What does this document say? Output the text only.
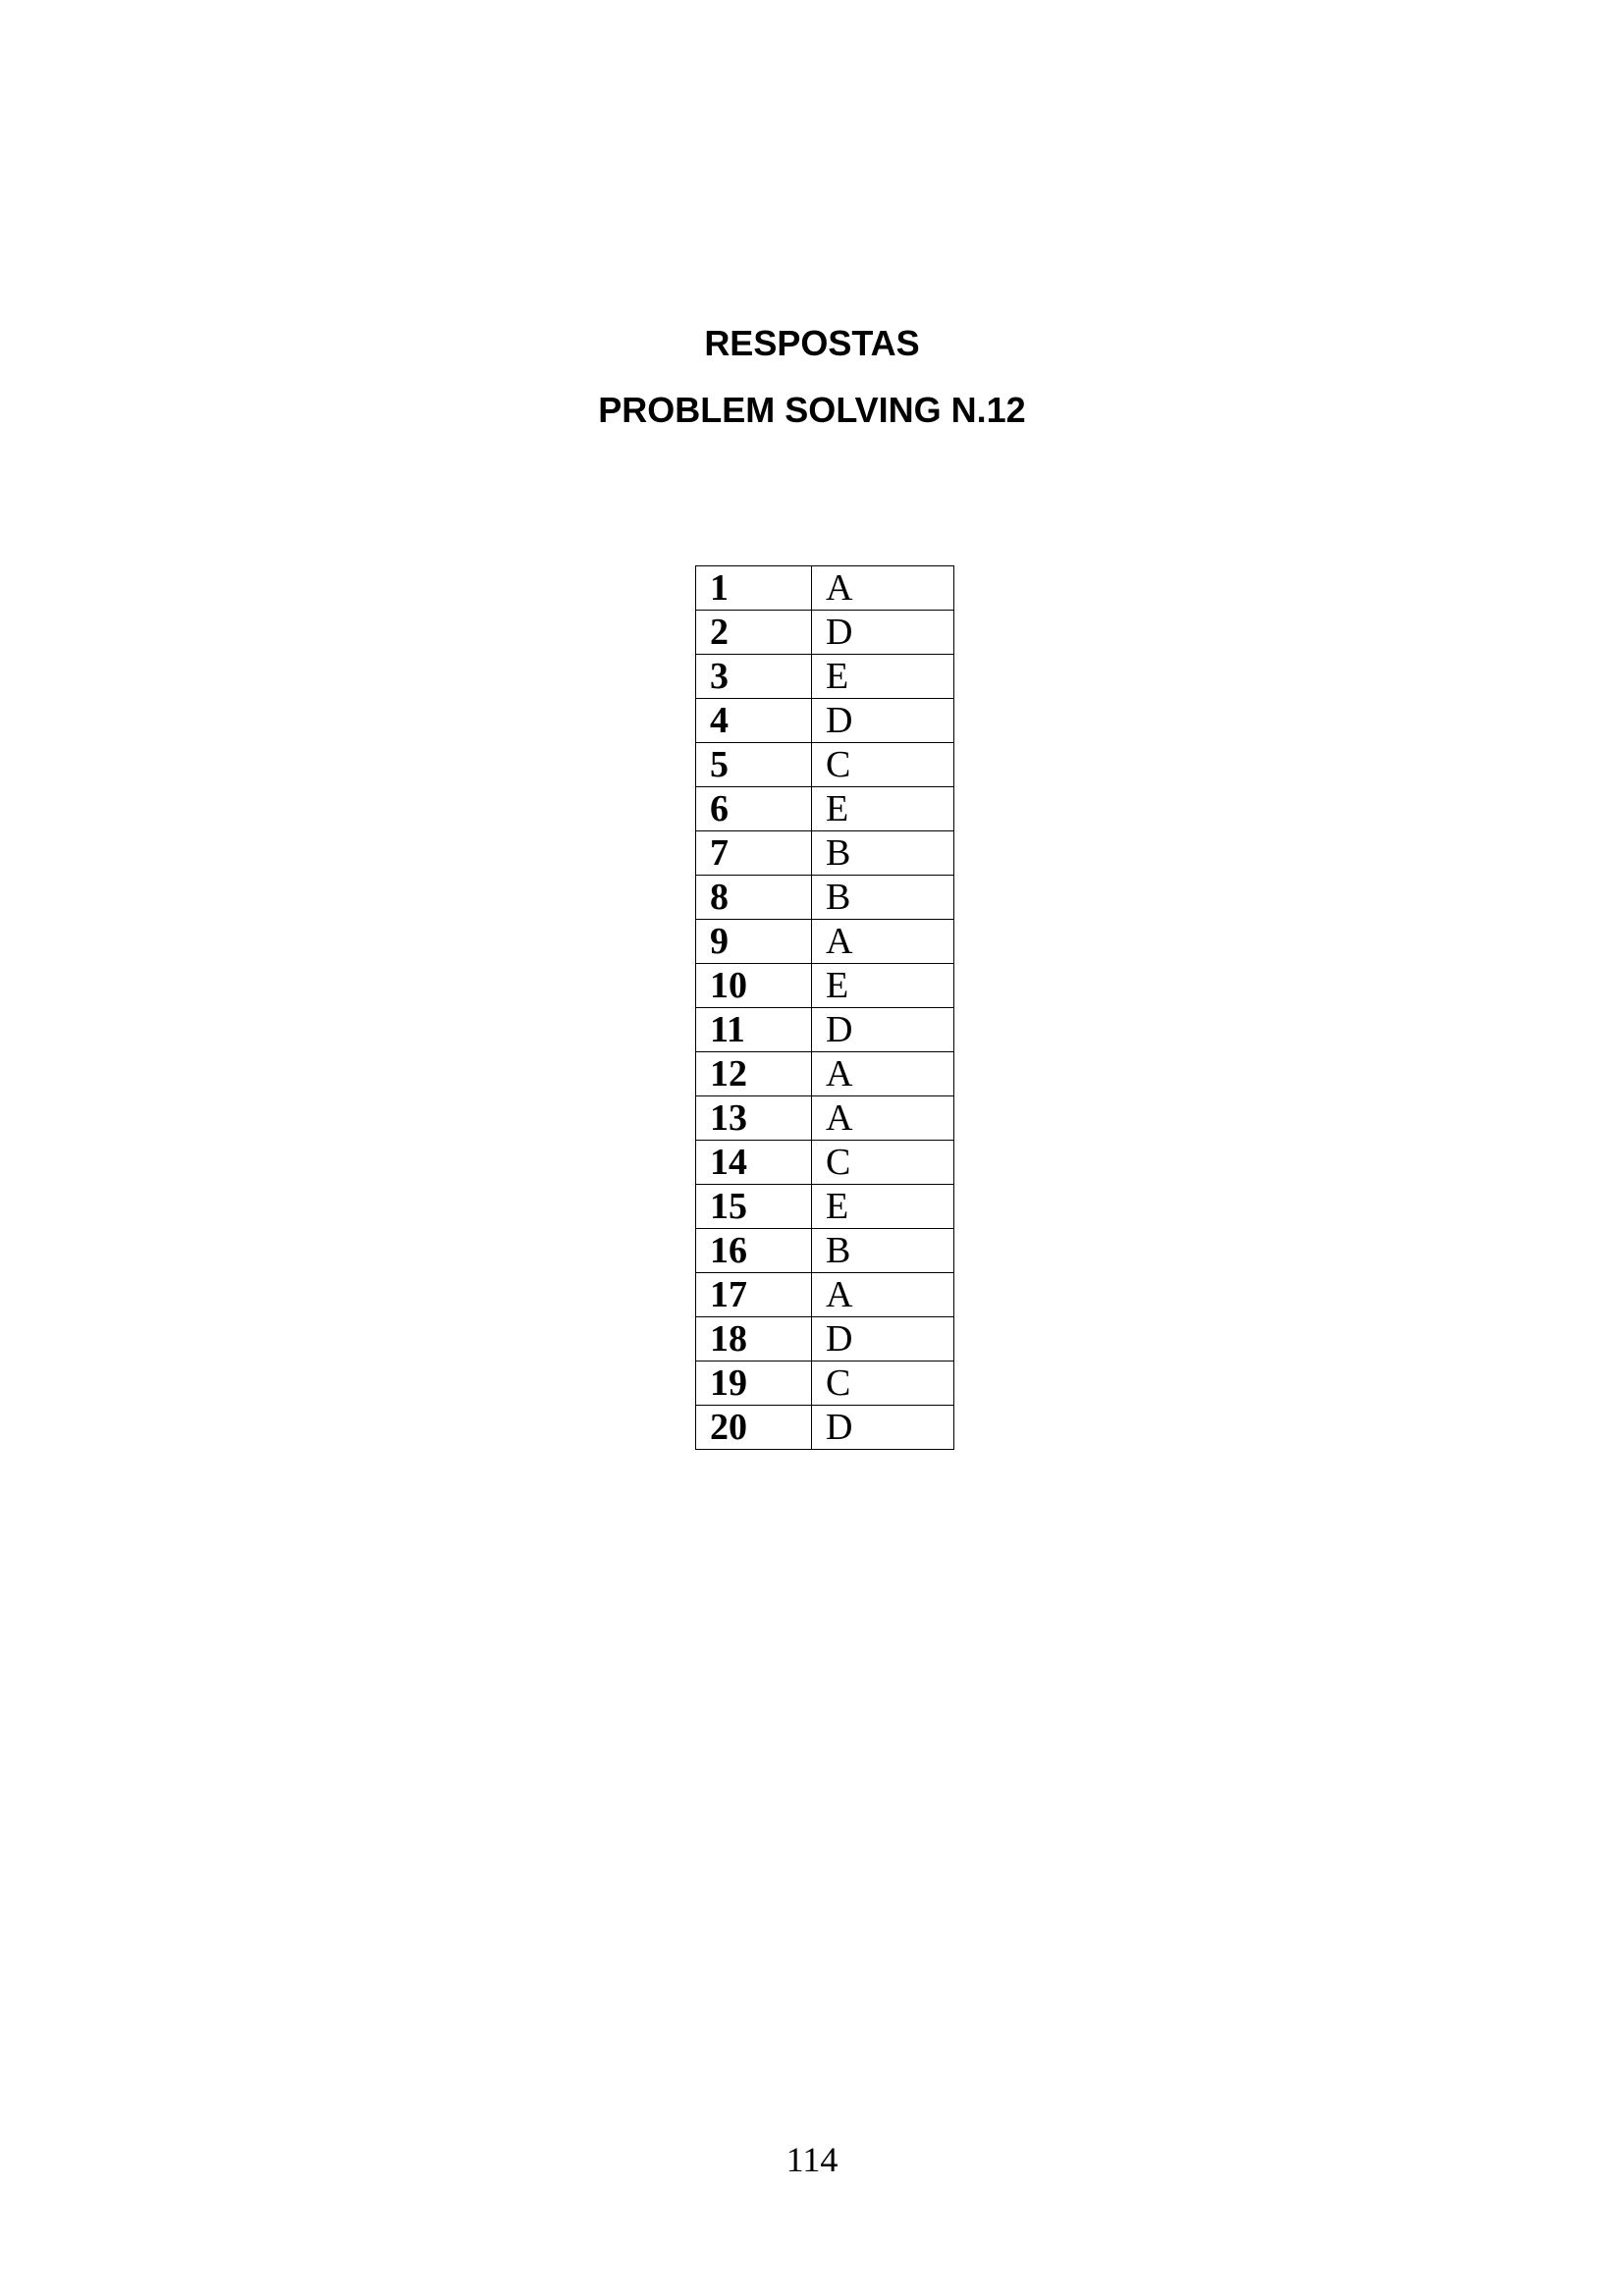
RESPOSTAS
PROBLEM SOLVING N.12
1	A
2	D
3	E
4	D
5	C
6	E
7	B
8	B
9	A
10	E
11	D
12	A
13	A
14	C
15	E
16	B
17	A
18	D
19	C
20	D
114
